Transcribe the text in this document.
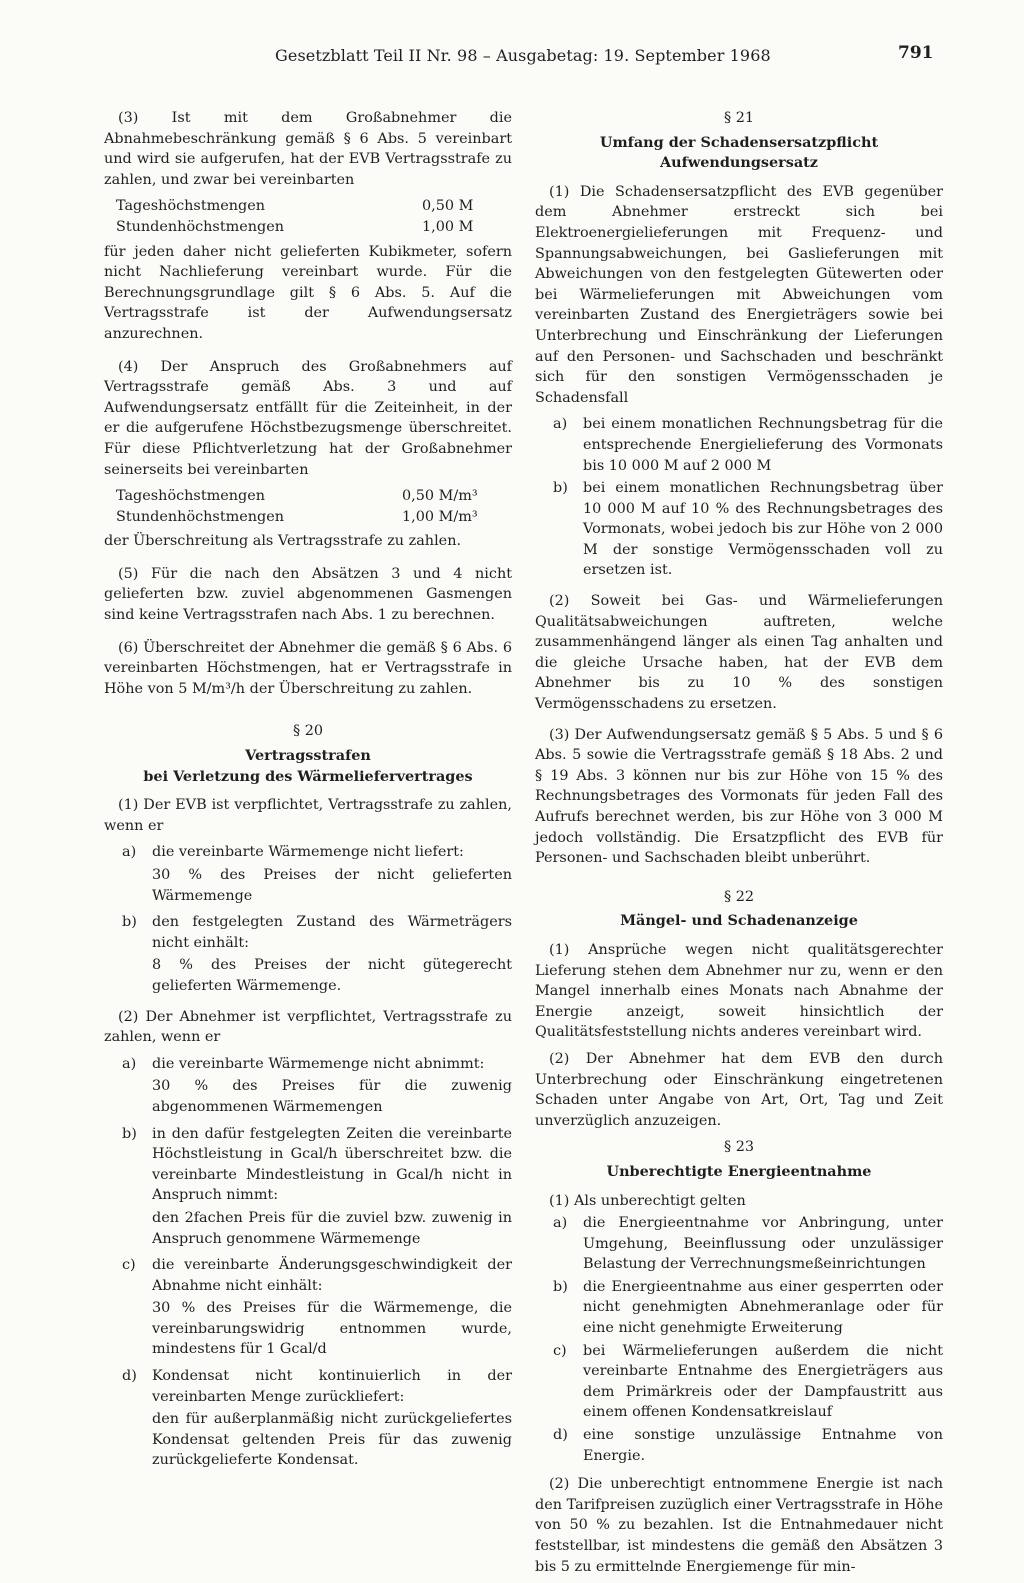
Gesetzblatt Teil II Nr. 98 – Ausgabetag: 19. September 1968	791

(3) Ist mit dem Großabnehmer die Abnahmebeschränkung gemäß § 6 Abs. 5 vereinbart und wird sie aufgerufen, hat der EVB Vertragsstrafe zu zahlen, und zwar bei vereinbarten

Tageshöchstmengen	0,50 M
Stundenhöchstmengen	1,00 M

für jeden daher nicht gelieferten Kubikmeter, sofern nicht Nachlieferung vereinbart wurde. Für die Berechnungsgrundlage gilt § 6 Abs. 5. Auf die Vertragsstrafe ist der Aufwendungsersatz anzurechnen.

(4) Der Anspruch des Großabnehmers auf Vertragsstrafe gemäß Abs. 3 und auf Aufwendungsersatz entfällt für die Zeiteinheit, in der er die aufgerufene Höchstbezugsmenge überschreitet. Für diese Pflichtverletzung hat der Großabnehmer seinerseits bei vereinbarten

Tageshöchstmengen	0,50 M/m³
Stundenhöchstmengen	1,00 M/m³

der Überschreitung als Vertragsstrafe zu zahlen.

(5) Für die nach den Absätzen 3 und 4 nicht gelieferten bzw. zuviel abgenommenen Gasmengen sind keine Vertragsstrafen nach Abs. 1 zu berechnen.

(6) Überschreitet der Abnehmer die gemäß § 6 Abs. 6 vereinbarten Höchstmengen, hat er Vertragsstrafe in Höhe von 5 M/m³/h der Überschreitung zu zahlen.

§ 20
Vertragsstrafen
bei Verletzung des Wärmeliefervertrages

(1) Der EVB ist verpflichtet, Vertragsstrafe zu zahlen, wenn er

a)	die vereinbarte Wärmemenge nicht liefert:

30 % des Preises der nicht gelieferten Wärmemenge

b)	den festgelegten Zustand des Wärmeträgers nicht einhält:

8 % des Preises der nicht gütegerecht gelieferten Wärmemenge.

(2) Der Abnehmer ist verpflichtet, Vertragsstrafe zu zahlen, wenn er

a)	die vereinbarte Wärmemenge nicht abnimmt:

30 % des Preises für die zuwenig abgenommenen Wärmemengen

b)	in den dafür festgelegten Zeiten die vereinbarte Höchstleistung in Gcal/h überschreitet bzw. die vereinbarte Mindestleistung in Gcal/h nicht in Anspruch nimmt:

den 2fachen Preis für die zuviel bzw. zuwenig in Anspruch genommene Wärmemenge

c)	die vereinbarte Änderungsgeschwindigkeit der Abnahme nicht einhält:

30 % des Preises für die Wärmemenge, die vereinbarungswidrig entnommen wurde, mindestens für 1 Gcal/d

d)	Kondensat nicht kontinuierlich in der vereinbarten Menge zurückliefert:

den für außerplanmäßig nicht zurückgeliefertes Kondensat geltenden Preis für das zuwenig zurückgelieferte Kondensat.

§ 21
Umfang der Schadensersatzpflicht
Aufwendungsersatz

(1) Die Schadensersatzpflicht des EVB gegenüber dem Abnehmer erstreckt sich bei Elektroenergielieferungen mit Frequenz- und Spannungsabweichungen, bei Gaslieferungen mit Abweichungen von den festgelegten Gütewerten oder bei Wärmelieferungen mit Abweichungen vom vereinbarten Zustand des Energieträgers sowie bei Unterbrechung und Einschränkung der Lieferungen auf den Personen- und Sachschaden und beschränkt sich für den sonstigen Vermögensschaden je Schadensfall

a)	bei einem monatlichen Rechnungsbetrag für die entsprechende Energielieferung des Vormonats bis 10 000 M auf 2 000 M
b)	bei einem monatlichen Rechnungsbetrag über 10 000 M auf 10 % des Rechnungsbetrages des Vormonats, wobei jedoch bis zur Höhe von 2 000 M der sonstige Vermögensschaden voll zu ersetzen ist.

(2) Soweit bei Gas- und Wärmelieferungen Qualitätsabweichungen auftreten, welche zusammenhängend länger als einen Tag anhalten und die gleiche Ursache haben, hat der EVB dem Abnehmer bis zu 10 % des sonstigen Vermögensschadens zu ersetzen.

(3) Der Aufwendungsersatz gemäß § 5 Abs. 5 und § 6 Abs. 5 sowie die Vertragsstrafe gemäß § 18 Abs. 2 und § 19 Abs. 3 können nur bis zur Höhe von 15 % des Rechnungsbetrages des Vormonats für jeden Fall des Aufrufs berechnet werden, bis zur Höhe von 3 000 M jedoch vollständig. Die Ersatzpflicht des EVB für Personen- und Sachschaden bleibt unberührt.

§ 22
Mängel- und Schadenanzeige

(1) Ansprüche wegen nicht qualitätsgerechter Lieferung stehen dem Abnehmer nur zu, wenn er den Mangel innerhalb eines Monats nach Abnahme der Energie anzeigt, soweit hinsichtlich der Qualitätsfeststellung nichts anderes vereinbart wird.

(2) Der Abnehmer hat dem EVB den durch Unterbrechung oder Einschränkung eingetretenen Schaden unter Angabe von Art, Ort, Tag und Zeit unverzüglich anzuzeigen.

§ 23
Unberechtigte Energieentnahme

(1) Als unberechtigt gelten

a)	die Energieentnahme vor Anbringung, unter Umgehung, Beeinflussung oder unzulässiger Belastung der Verrechnungsmeßeinrichtungen
b)	die Energieentnahme aus einer gesperrten oder nicht genehmigten Abnehmeranlage oder für eine nicht genehmigte Erweiterung
c)	bei Wärmelieferungen außerdem die nicht vereinbarte Entnahme des Energieträgers aus dem Primärkreis oder der Dampfaustritt aus einem offenen Kondensatkreislauf
d)	eine sonstige unzulässige Entnahme von Energie.

(2) Die unberechtigt entnommene Energie ist nach den Tarifpreisen zuzüglich einer Vertragsstrafe in Höhe von 50 % zu bezahlen. Ist die Entnahmedauer nicht feststellbar, ist mindestens die gemäß den Absätzen 3 bis 5 zu ermittelnde Energiemenge für min-
